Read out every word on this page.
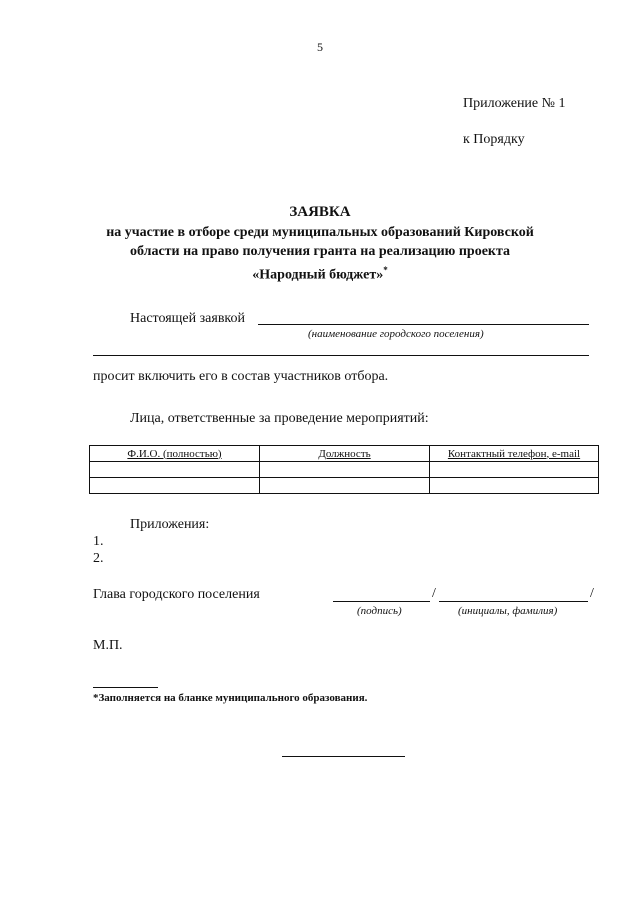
5
Приложение № 1
к Порядку
ЗАЯВКА
на участие в отборе среди муниципальных образований Кировской
области на право получения гранта на реализацию проекта
«Народный бюджет»*
Настоящей заявкой
(наименование городского поселения)
просит включить его в состав участников отбора.
Лица, ответственные за проведение мероприятий:
Ф.И.О. (полностью)	Должность	Контактный телефон, e-mail

Приложения:
1.
2.
Глава городского поселения	/	/
(подпись)	(инициалы, фамилия)
М.П.
*Заполняется на бланке муниципального образования.
